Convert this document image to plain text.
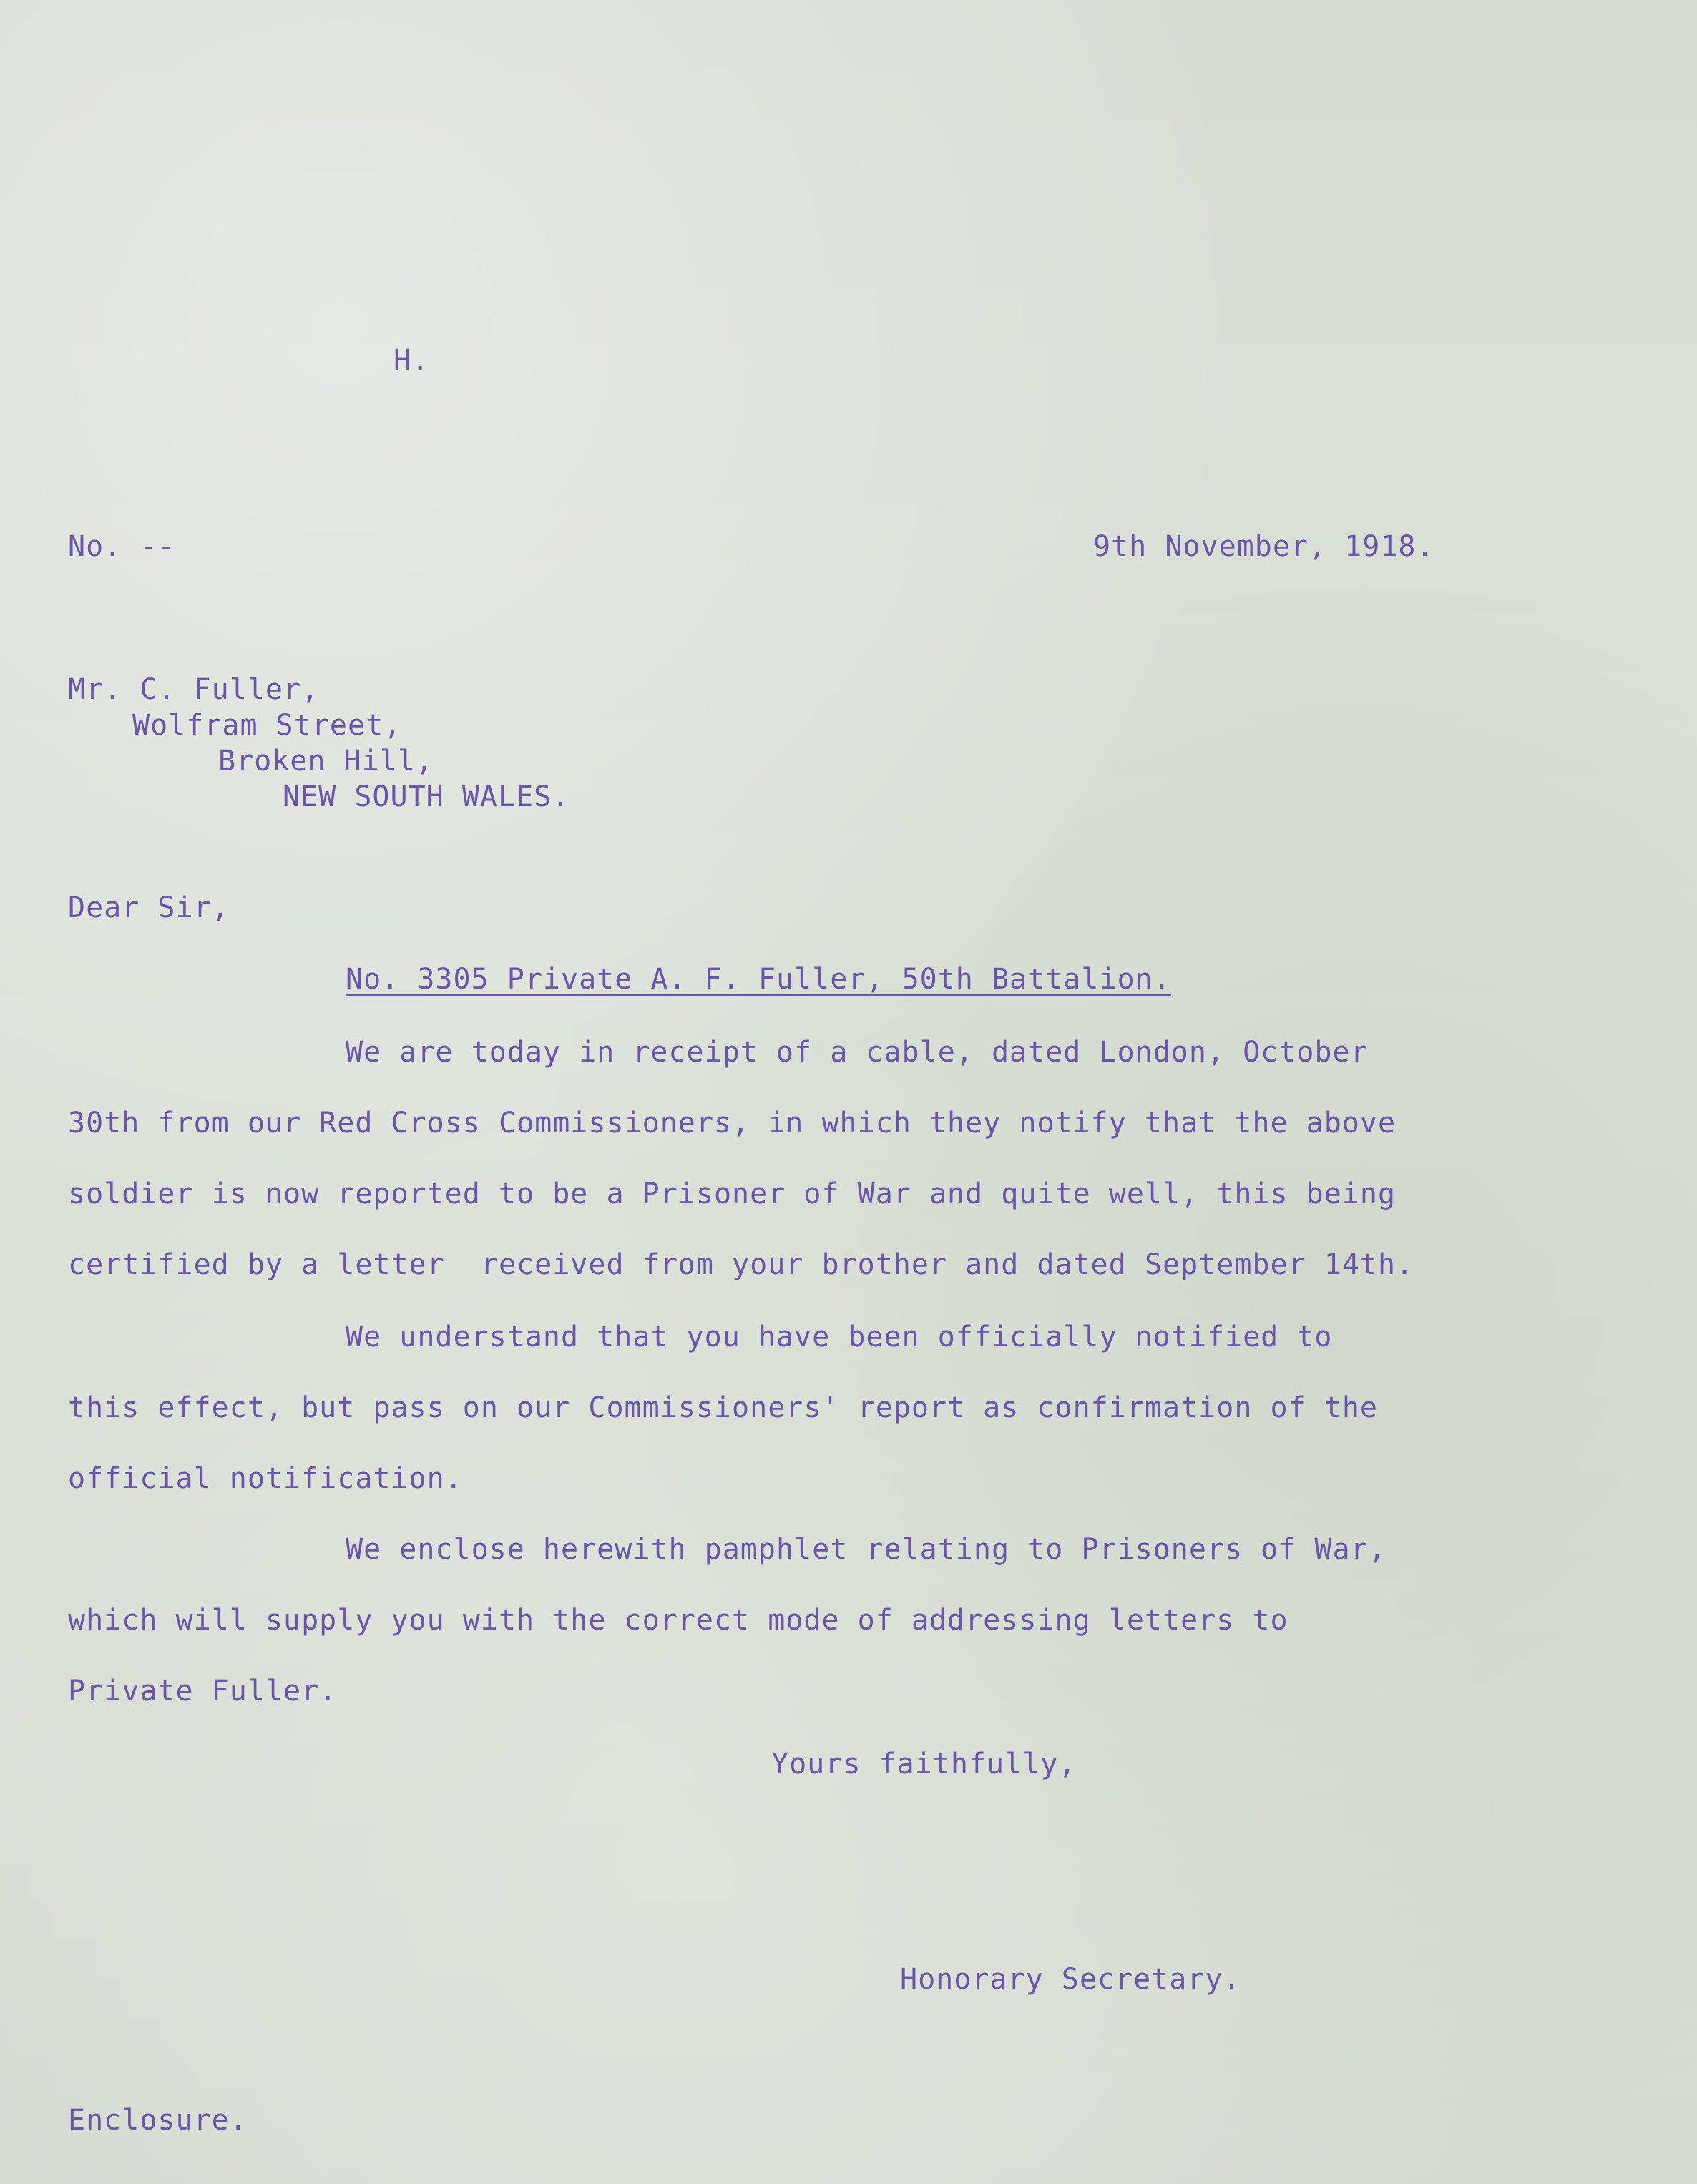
H.
No. --	9th November, 1918.
Mr. C. Fuller,
Wolfram Street,
Broken Hill,
NEW SOUTH WALES.
Dear Sir,
No. 3305 Private A. F. Fuller, 50th Battalion.
We are today in receipt of a cable, dated London, October
30th from our Red Cross Commissioners, in which they notify that the above
soldier is now reported to be a Prisoner of War and quite well, this being
certified by a letter  received from your brother and dated September 14th.
We understand that you have been officially notified to
this effect, but pass on our Commissioners' report as confirmation of the
official notification.
We enclose herewith pamphlet relating to Prisoners of War,
which will supply you with the correct mode of addressing letters to
Private Fuller.
Yours faithfully,
Honorary Secretary.
Enclosure.
